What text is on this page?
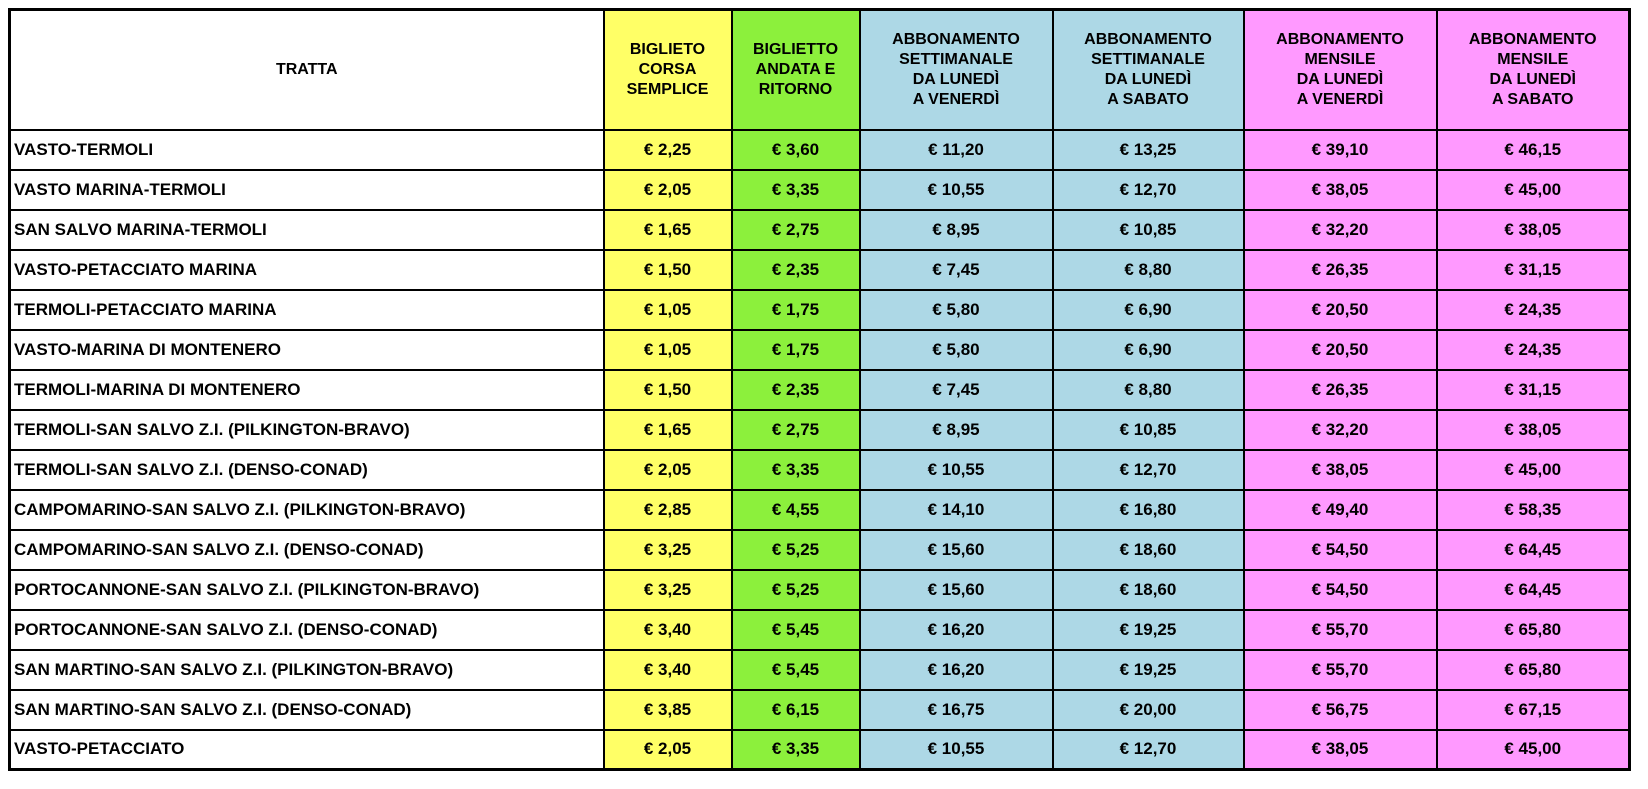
TRATTA	BIGLIETO
CORSA
SEMPLICE	BIGLIETTO
ANDATA E
RITORNO	ABBONAMENTO
SETTIMANALE
DA LUNEDÌ
A VENERDÌ	ABBONAMENTO
SETTIMANALE
DA LUNEDÌ
A SABATO	ABBONAMENTO
MENSILE
DA LUNEDÌ
A VENERDÌ	ABBONAMENTO
MENSILE
DA LUNEDÌ
A SABATO
VASTO-TERMOLI	€ 2,25	€ 3,60	€ 11,20	€ 13,25	€ 39,10	€ 46,15
VASTO MARINA-TERMOLI	€ 2,05	€ 3,35	€ 10,55	€ 12,70	€ 38,05	€ 45,00
SAN SALVO MARINA-TERMOLI	€ 1,65	€ 2,75	€ 8,95	€ 10,85	€ 32,20	€ 38,05
VASTO-PETACCIATO MARINA	€ 1,50	€ 2,35	€ 7,45	€ 8,80	€ 26,35	€ 31,15
TERMOLI-PETACCIATO MARINA	€ 1,05	€ 1,75	€ 5,80	€ 6,90	€ 20,50	€ 24,35
VASTO-MARINA DI MONTENERO	€ 1,05	€ 1,75	€ 5,80	€ 6,90	€ 20,50	€ 24,35
TERMOLI-MARINA DI MONTENERO	€ 1,50	€ 2,35	€ 7,45	€ 8,80	€ 26,35	€ 31,15
TERMOLI-SAN SALVO Z.I. (PILKINGTON-BRAVO)	€ 1,65	€ 2,75	€ 8,95	€ 10,85	€ 32,20	€ 38,05
TERMOLI-SAN SALVO Z.I. (DENSO-CONAD)	€ 2,05	€ 3,35	€ 10,55	€ 12,70	€ 38,05	€ 45,00
CAMPOMARINO-SAN SALVO Z.I. (PILKINGTON-BRAVO)	€ 2,85	€ 4,55	€ 14,10	€ 16,80	€ 49,40	€ 58,35
CAMPOMARINO-SAN SALVO Z.I. (DENSO-CONAD)	€ 3,25	€ 5,25	€ 15,60	€ 18,60	€ 54,50	€ 64,45
PORTOCANNONE-SAN SALVO Z.I. (PILKINGTON-BRAVO)	€ 3,25	€ 5,25	€ 15,60	€ 18,60	€ 54,50	€ 64,45
PORTOCANNONE-SAN SALVO Z.I. (DENSO-CONAD)	€ 3,40	€ 5,45	€ 16,20	€ 19,25	€ 55,70	€ 65,80
SAN MARTINO-SAN SALVO Z.I. (PILKINGTON-BRAVO)	€ 3,40	€ 5,45	€ 16,20	€ 19,25	€ 55,70	€ 65,80
SAN MARTINO-SAN SALVO Z.I. (DENSO-CONAD)	€ 3,85	€ 6,15	€ 16,75	€ 20,00	€ 56,75	€ 67,15
VASTO-PETACCIATO	€ 2,05	€ 3,35	€ 10,55	€ 12,70	€ 38,05	€ 45,00
